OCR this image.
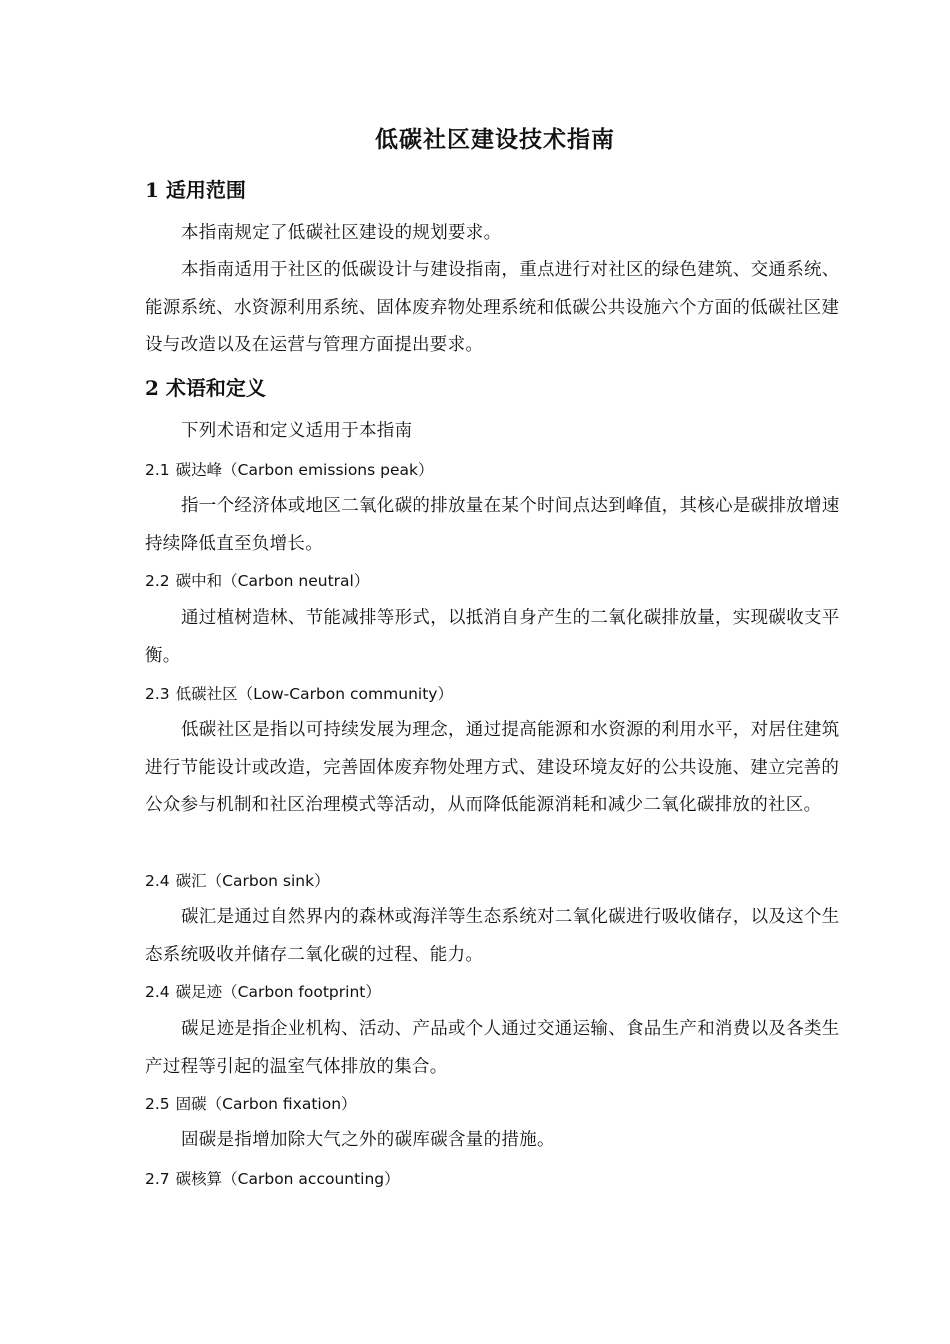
低碳社区建设技术指南
1 适用范围

本指南规定了低碳社区建设的规划要求。

本指南适用于社区的低碳设计与建设指南，重点进行对社区的绿色建筑、交通系统、能源系统、水资源利用系统、固体废弃物处理系统和低碳公共设施六个方面的低碳社区建设与改造以及在运营与管理方面提出要求。

2 术语和定义

下列术语和定义适用于本指南

2.1 碳达峰（Carbon emissions peak）

指一个经济体或地区二氧化碳的排放量在某个时间点达到峰值，其核心是碳排放增速持续降低直至负增长。

2.2 碳中和（Carbon neutral）

通过植树造林、节能减排等形式，以抵消自身产生的二氧化碳排放量，实现碳收支平衡。

2.3 低碳社区（Low-Carbon community）

低碳社区是指以可持续发展为理念，通过提高能源和水资源的利用水平，对居住建筑进行节能设计或改造，完善固体废弃物处理方式、建设环境友好的公共设施、建立完善的公众参与机制和社区治理模式等活动，从而降低能源消耗和减少二氧化碳排放的社区。

2.4 碳汇（Carbon sink）

碳汇是通过自然界内的森林或海洋等生态系统对二氧化碳进行吸收储存，以及这个生态系统吸收并储存二氧化碳的过程、能力。

2.4 碳足迹（Carbon footprint）

碳足迹是指企业机构、活动、产品或个人通过交通运输、食品生产和消费以及各类生产过程等引起的温室气体排放的集合。

2.5 固碳（Carbon fixation）

固碳是指增加除大气之外的碳库碳含量的措施。

2.7 碳核算（Carbon accounting）
